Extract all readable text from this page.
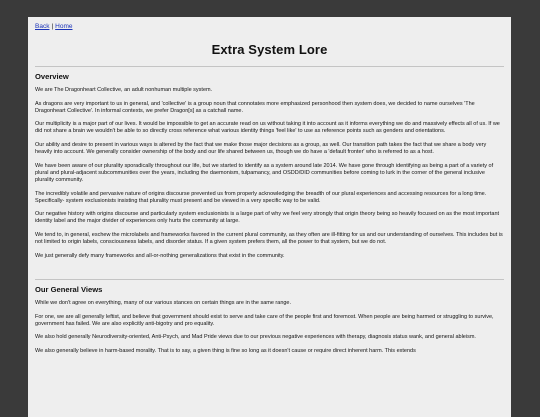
Back | Home
Extra System Lore
Overview

We are The Dragonheart Collective, an adult nonhuman multiple system.

As dragons are very important to us in general, and 'collective' is a group noun that connotates more emphasized personhood then system does, we decided to name ourselves 'The Dragonheart Collective'. In informal contexts, we prefer Dragon[s] as a catchall name.

Our multiplicity is a major part of our lives. It would be impossible to get an accurate read on us without taking it into account as it informs everything we do and massively effects all of us. If we did not share a brain we wouldn't be able to so directly cross reference what various identity things 'feel like' to use as reference points such as genders and orientations.

Our ability and desire to present in various ways is altered by the fact that we make those major decisions as a group, as well. Our transition path takes the fact that we share a body very heavily into account. We generally consider ownership of the body and our life shared between us, though we do have a 'default fronter' who is referred to as a host.

We have been aware of our plurality sporadically throughout our life, but we started to identify as a system around late 2014. We have gone through identifying as being a part of a variety of plural and plural-adjacent subcommunities over the years, including the daemonism, tulpamancy, and OSDD/DID communities before coming to lurk in the corner of the general inclusive plurality community.

The incredibly volatile and pervasive nature of origins discourse prevented us from properly acknowledging the breadth of our plural experiences and accessing resources for a long time. Specifically- system exclusionists insisting that plurality must present and be viewed in a very specific way to be valid.

Our negative history with origins discourse and particularly system exclusionists is a large part of why we feel very strongly that origin theory being so heavily focused on as the most important identity label and the major divider of experiences only hurts the community at large.

We tend to, in general, eschew the microlabels and frameworks favored in the current plural community, as they often are ill-fitting for us and our understanding of ourselves. This includes but is not limited to origin labels, consciousness labels, and disorder status. If a given system prefers them, all the power to that system, but we do not.

We just generally defy many frameworks and all-or-nothing generalizations that exist in the community.

Our General Views

While we don't agree on everything, many of our various stances on certain things are in the same range.

For one, we are all generally leftist, and believe that government should exist to serve and take care of the people first and foremost. When people are being harmed or struggling to survive, government has failed. We are also explicitly anti-bigotry and pro equality.

We also hold generally Neurodiversity-oriented, Anti-Psych, and Mad Pride views due to our previous negative experiences with therapy, diagnosis status wank, and general ableism.

We also generally believe in harm-based morality. That is to say, a given thing is fine so long as it doesn't cause or require direct inherent harm. This extends
